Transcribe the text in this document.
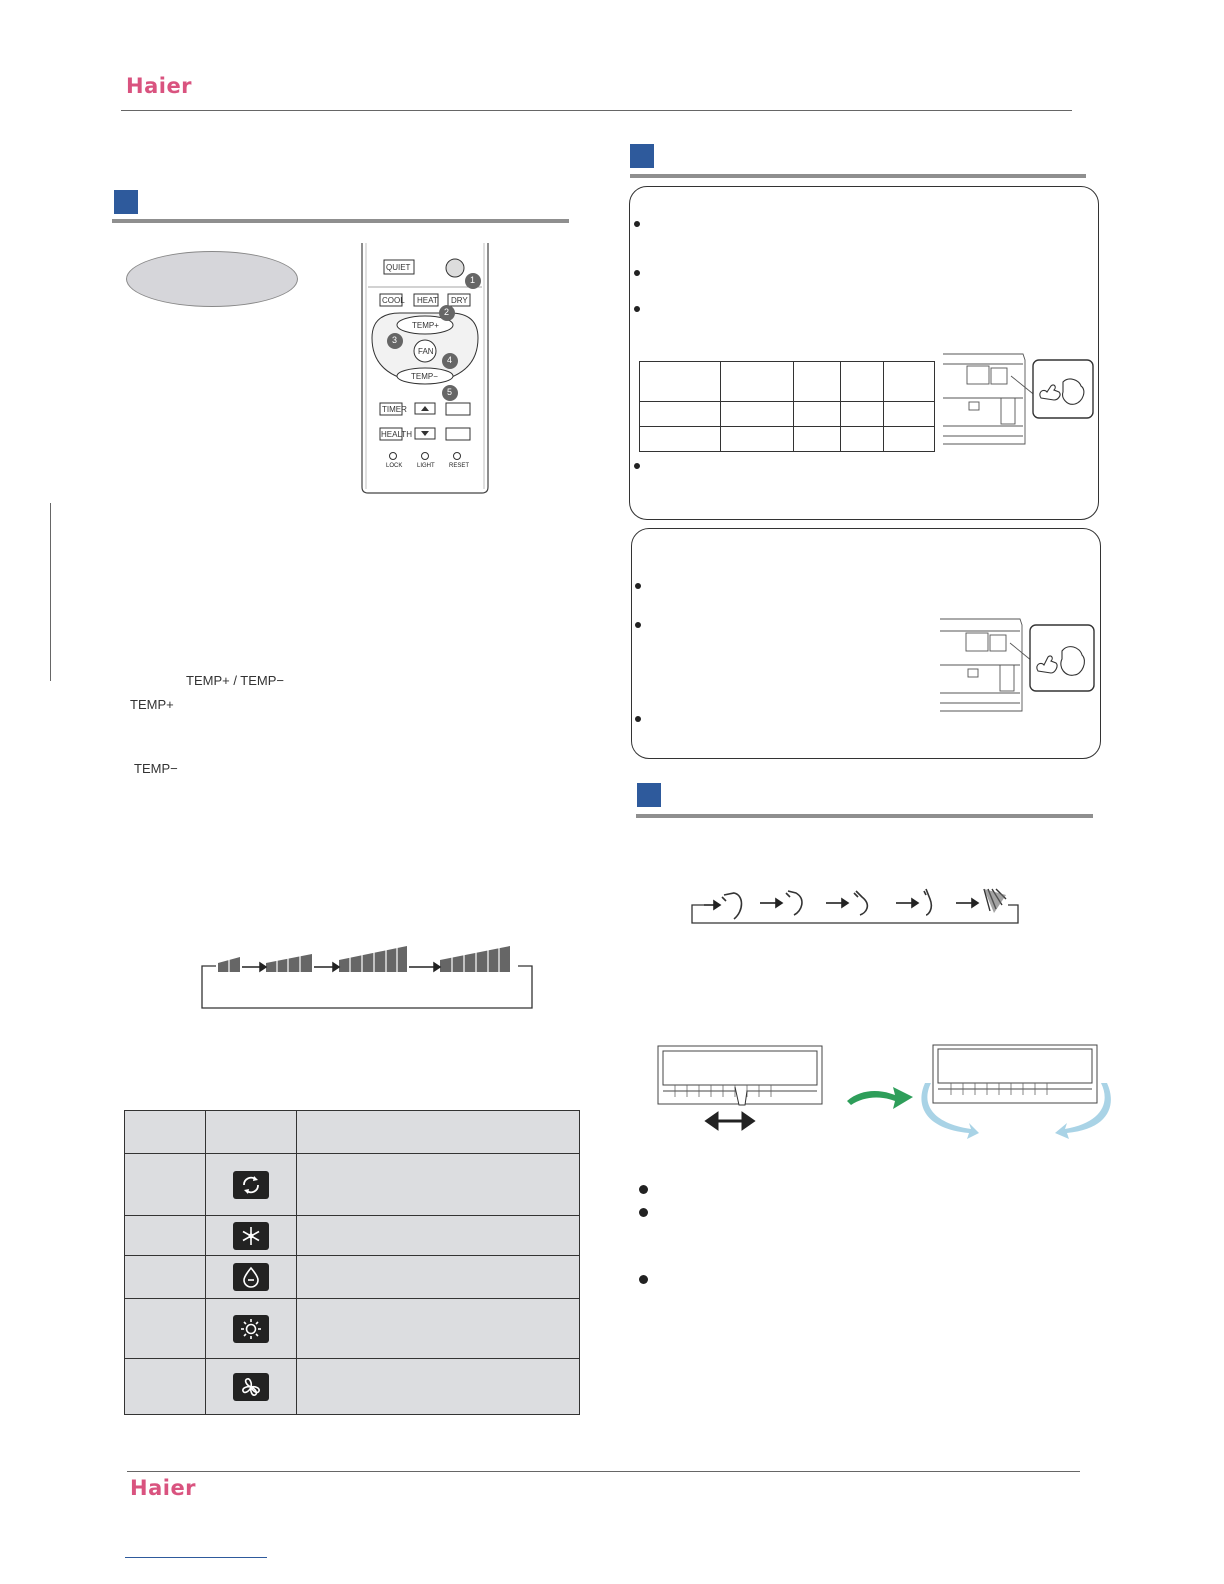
Haier
QUIET
COOL HEAT DRY
TEMP+
FAN
TEMP−
TIMER
HEALTH
LOCK LIGHT RESET
1
2
3
4
5
TEMP+ / TEMP−
TEMP+
TEMP−

Haier
